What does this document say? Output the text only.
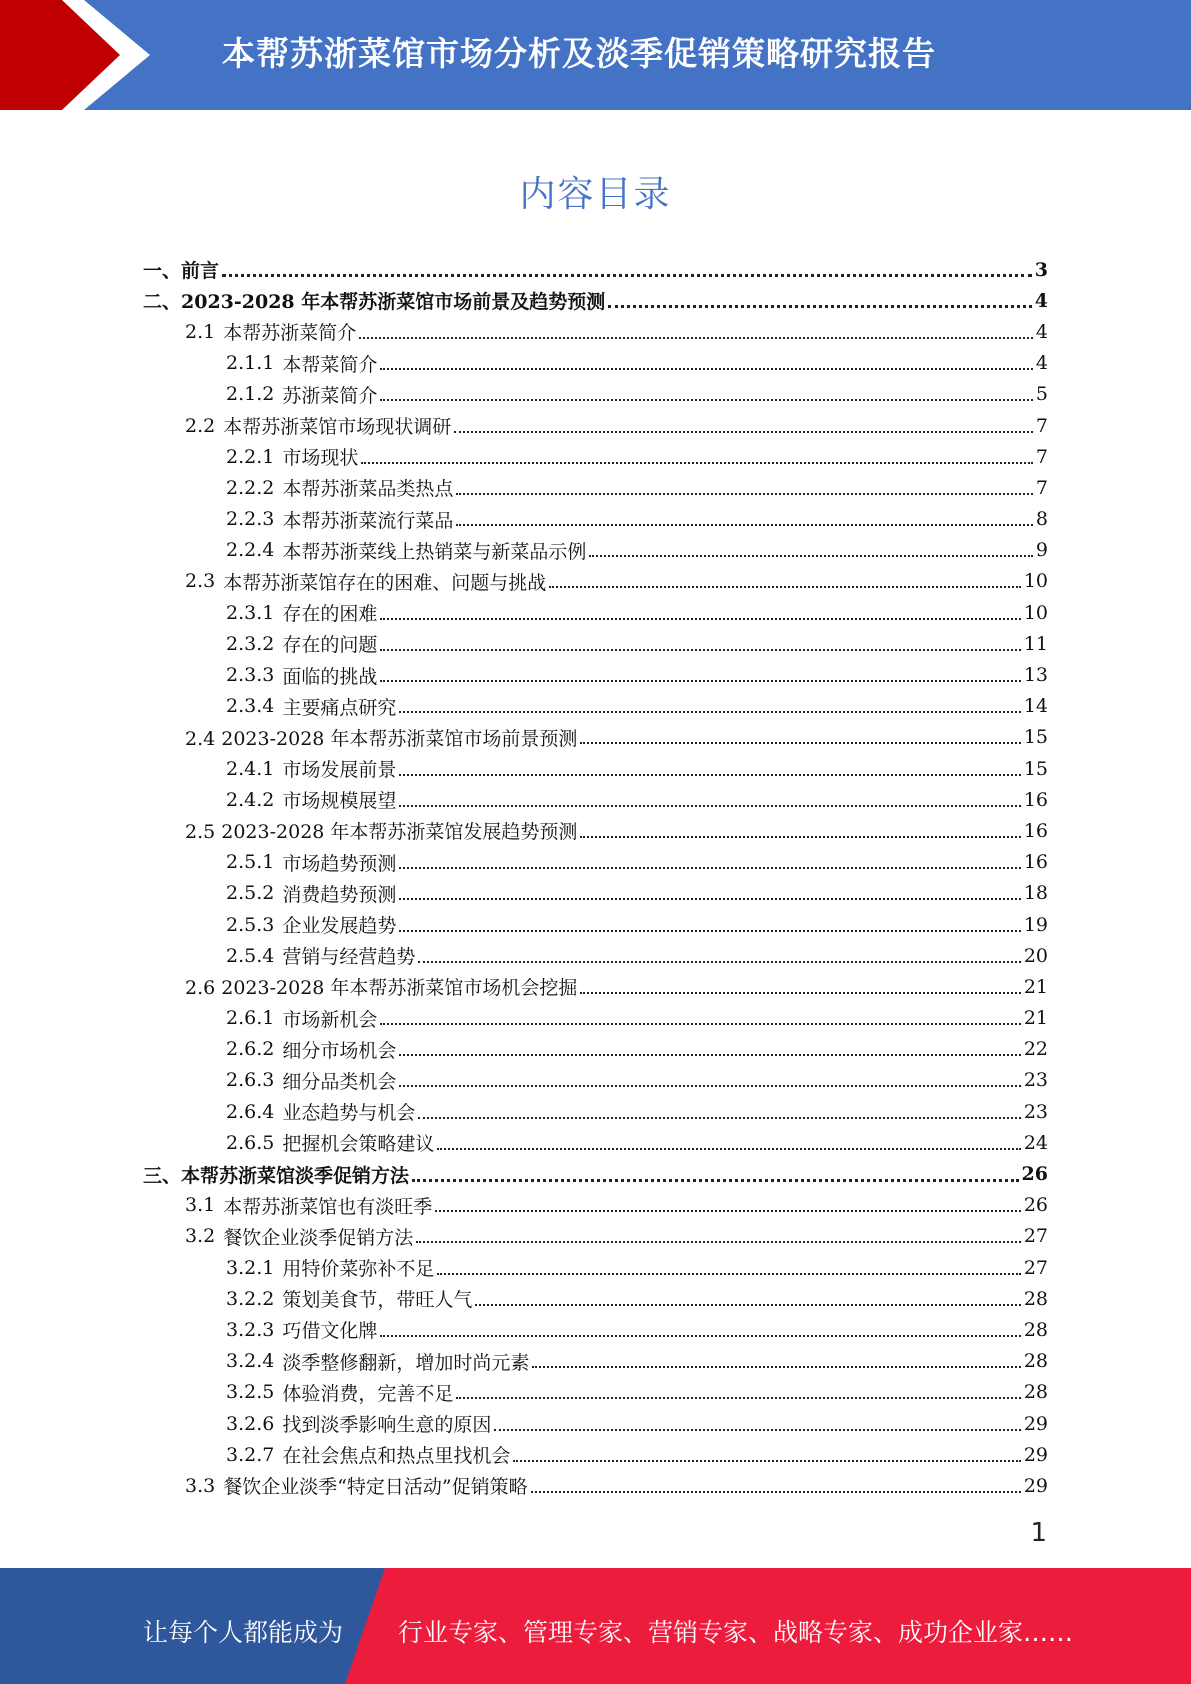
本帮苏浙菜馆市场分析及淡季促销策略研究报告
内容目录
一、前言	3
二、2023-2028 年本帮苏浙菜馆市场前景及趋势预测	4
2.1 本帮苏浙菜简介	4
2.1.1 本帮菜简介	4
2.1.2 苏浙菜简介	5
2.2 本帮苏浙菜馆市场现状调研	7
2.2.1 市场现状	7
2.2.2 本帮苏浙菜品类热点	7
2.2.3 本帮苏浙菜流行菜品	8
2.2.4 本帮苏浙菜线上热销菜与新菜品示例	9
2.3 本帮苏浙菜馆存在的困难、问题与挑战	10
2.3.1 存在的困难	10
2.3.2 存在的问题	11
2.3.3 面临的挑战	13
2.3.4 主要痛点研究	14
2.4 2023-2028 年本帮苏浙菜馆市场前景预测	15
2.4.1 市场发展前景	15
2.4.2 市场规模展望	16
2.5 2023-2028 年本帮苏浙菜馆发展趋势预测	16
2.5.1 市场趋势预测	16
2.5.2 消费趋势预测	18
2.5.3 企业发展趋势	19
2.5.4 营销与经营趋势	20
2.6 2023-2028 年本帮苏浙菜馆市场机会挖掘	21
2.6.1 市场新机会	21
2.6.2 细分市场机会	22
2.6.3 细分品类机会	23
2.6.4 业态趋势与机会	23
2.6.5 把握机会策略建议	24
三、本帮苏浙菜馆淡季促销方法	26
3.1 本帮苏浙菜馆也有淡旺季	26
3.2 餐饮企业淡季促销方法	27
3.2.1 用特价菜弥补不足	27
3.2.2 策划美食节，带旺人气	28
3.2.3 巧借文化牌	28
3.2.4 淡季整修翻新，增加时尚元素	28
3.2.5 体验消费，完善不足	28
3.2.6 找到淡季影响生意的原因	29
3.2.7 在社会焦点和热点里找机会	29
3.3 餐饮企业淡季“特定日活动”促销策略	29
1
让每个人都能成为 行业专家、管理专家、营销专家、战略专家、成功企业家……
